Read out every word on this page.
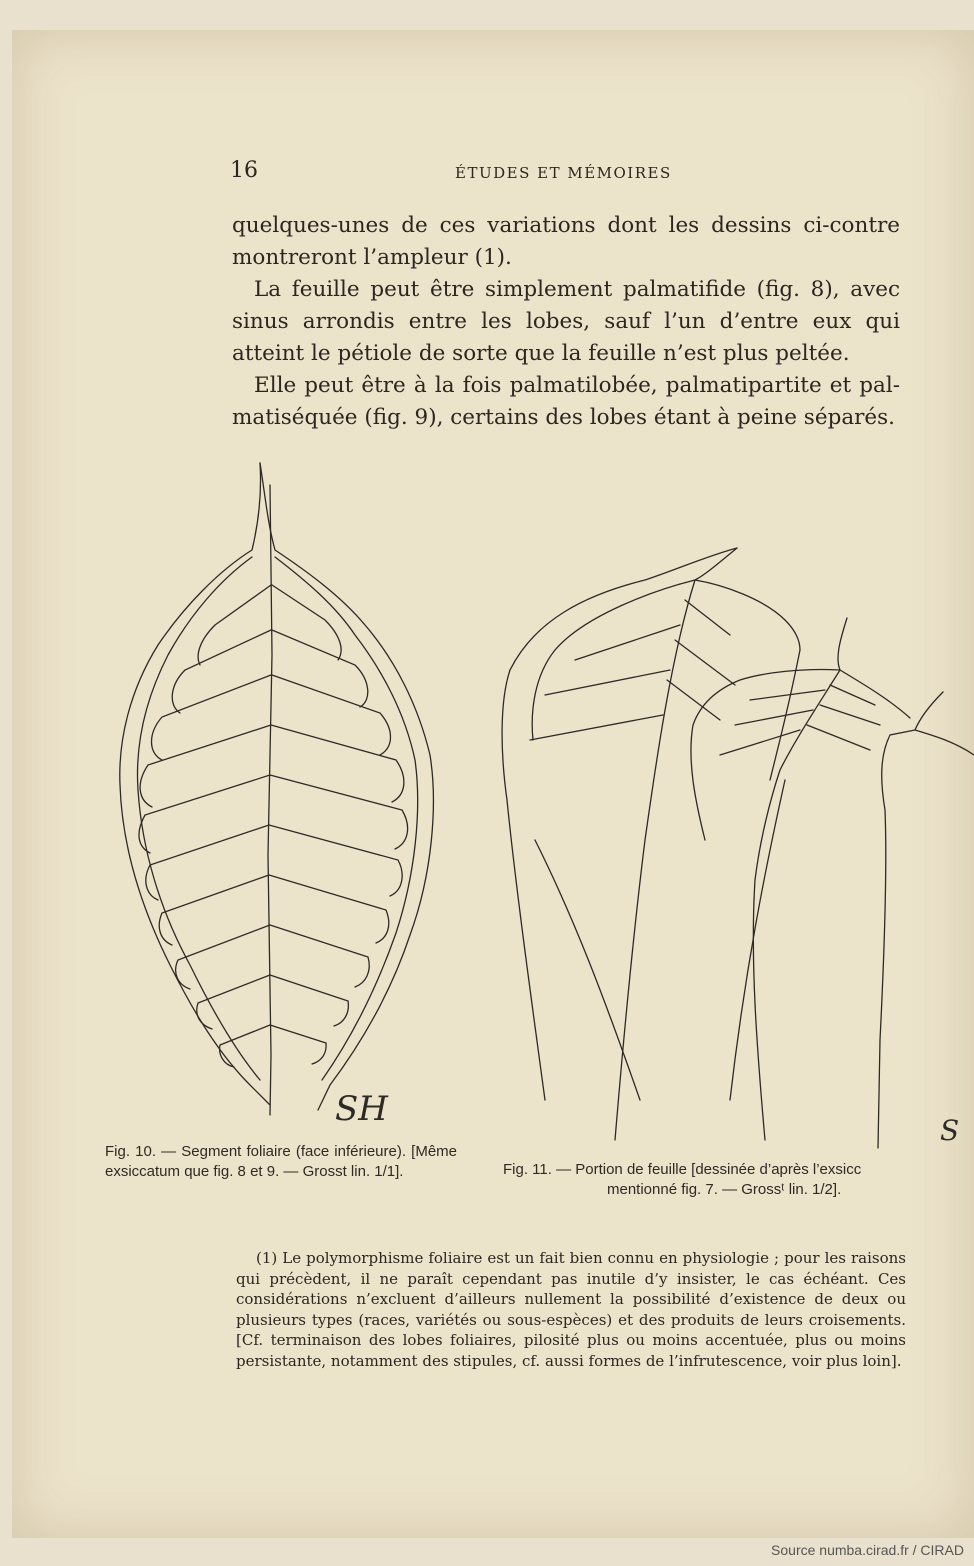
16	ÉTUDES ET MÉMOIRES

quelques-unes de ces variations dont les dessins ci-contre montreront l’ampleur (1).

La feuille peut être simplement palmatifide (fig. 8), avec sinus arrondis entre les lobes, sauf l’un d’entre eux qui atteint le pétiole de sorte que la feuille n’est plus peltée.

Elle peut être à la fois palmatilobée, palmatipartite et palmatiséquée (fig. 9), certains des lobes étant à peine séparés.

SH
S
Fig. 10. — Segment foliaire (face inférieure). [Même exsiccatum que fig. 8 et 9. — Grosst lin. 1/1].	Fig. 11. — Portion de feuille [dessinée d’après l’exsicc
mentionné fig. 7. — Grossᵗ lin. 1/2].

(1) Le polymorphisme foliaire est un fait bien connu en physiologie ; pour les raisons qui précèdent, il ne paraît cependant pas inutile d’y insister, le cas échéant. Ces considérations n’excluent d’ailleurs nullement la possibilité d’existence de deux ou plusieurs types (races, variétés ou sous-espèces) et des produits de leurs croisements. [Cf. terminaison des lobes foliaires, pilosité plus ou moins accentuée, plus ou moins persistante, notamment des stipules, cf. aussi formes de l’infrutescence, voir plus loin].

Source numba.cirad.fr / CIRAD
